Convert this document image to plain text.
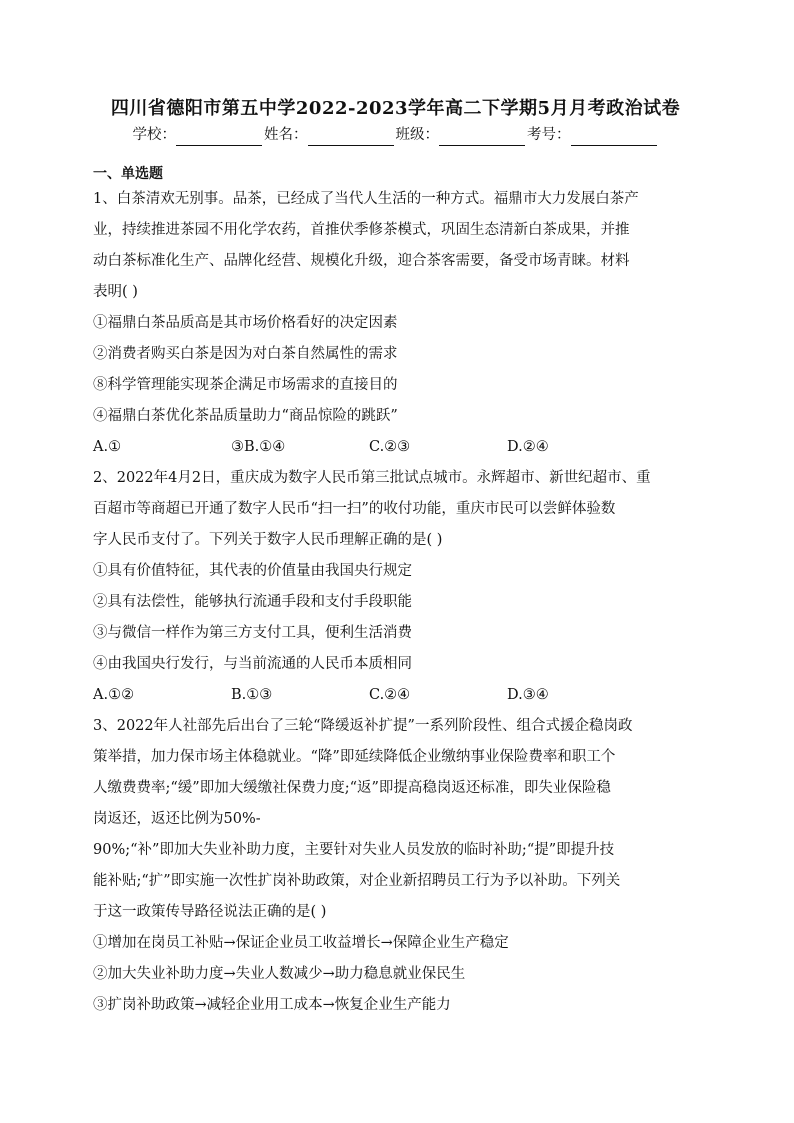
四川省德阳市第五中学2022-2023学年高二下学期5月月考政治试卷
学校：	姓名：	班级：	考号：
一、单选题

1、白茶清欢无别事。品茶，已经成了当代人生活的一种方式。福鼎市大力发展白茶产

业，持续推进茶园不用化学农药，首推伏季修茶模式，巩固生态清新白茶成果，并推

动白茶标准化生产、品牌化经营、规模化升级，迎合茶客需要，备受市场青睐。材料

表明( )

①福鼎白茶品质高是其市场价格看好的决定因素

②消费者购买白茶是因为对白茶自然属性的需求

⑧科学管理能实现茶企满足市场需求的直接目的

④福鼎白茶优化茶品质量助力“商品惊险的跳跃”

A.①	③B.①④	C.②③	D.②④

2、2022年4月2日，重庆成为数字人民币第三批试点城市。永辉超市、新世纪超市、重

百超市等商超已开通了数字人民币“扫一扫”的收付功能，重庆市民可以尝鲜体验数

字人民币支付了。下列关于数字人民币理解正确的是( )

①具有价值特征，其代表的价值量由我国央行规定

②具有法偿性，能够执行流通手段和支付手段职能

③与微信一样作为第三方支付工具，便利生活消费

④由我国央行发行，与当前流通的人民币本质相同

A.①②	B.①③	C.②④	D.③④

3、2022年人社部先后出台了三轮“降缓返补扩提”一系列阶段性、组合式援企稳岗政

策举措，加力保市场主体稳就业。“降”即延续降低企业缴纳事业保险费率和职工个

人缴费费率;“缓”即加大缓缴社保费力度;“返”即提高稳岗返还标准，即失业保险稳

岗返还，返还比例为50%-

90%;“补”即加大失业补助力度，主要针对失业人员发放的临时补助;“提”即提升技

能补贴;“扩”即实施一次性扩岗补助政策，对企业新招聘员工行为予以补助。下列关

于这一政策传导路径说法正确的是( )

①增加在岗员工补贴→保证企业员工收益增长→保障企业生产稳定

②加大失业补助力度→失业人数减少→助力稳息就业保民生

③扩岗补助政策→减轻企业用工成本→恢复企业生产能力
